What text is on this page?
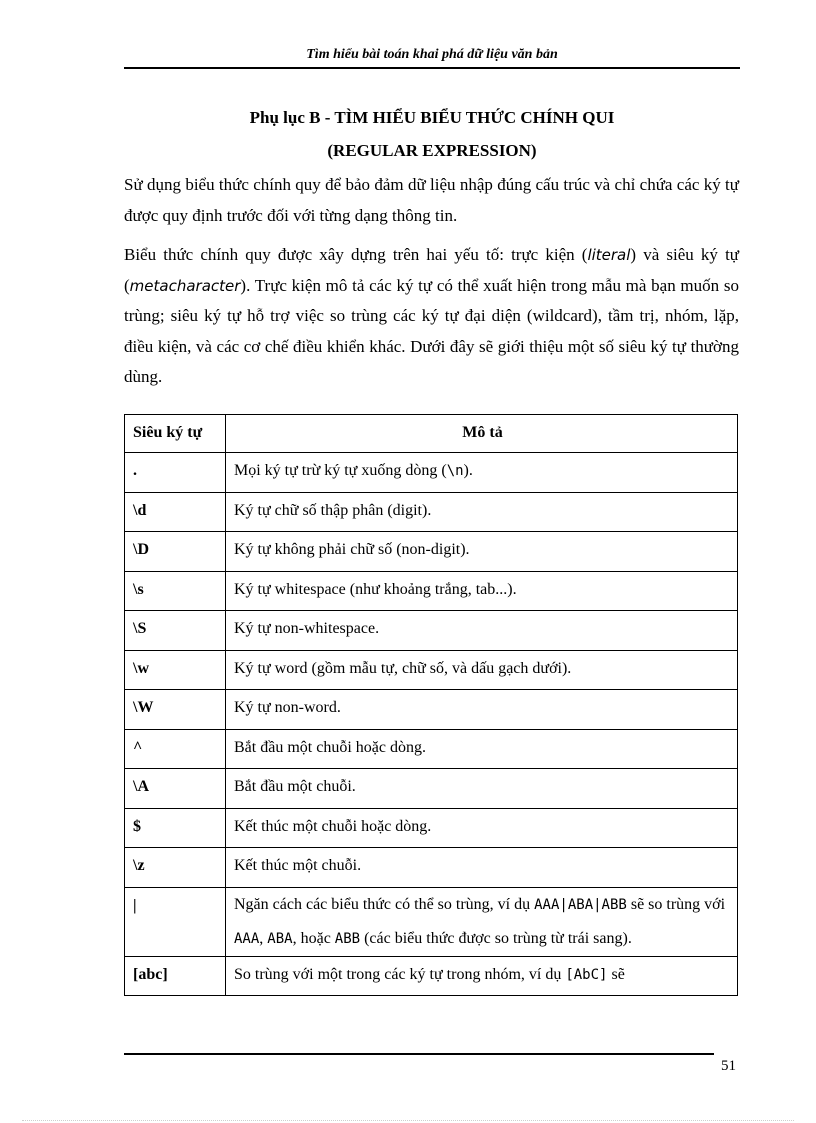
Tìm hiểu bài toán khai phá dữ liệu văn bản
Phụ lục B - TÌM HIỂU BIỂU THỨC CHÍNH QUI
(REGULAR EXPRESSION)

Sử dụng biểu thức chính quy để bảo đảm dữ liệu nhập đúng cấu trúc và chỉ chứa các ký tự được quy định trước đối với từng dạng thông tin.

Biểu thức chính quy được xây dựng trên hai yếu tố: trực kiện (literal) và siêu ký tự (metacharacter). Trực kiện mô tả các ký tự có thể xuất hiện trong mẫu mà bạn muốn so trùng; siêu ký tự hỗ trợ việc so trùng các ký tự đại diện (wildcard), tầm trị, nhóm, lặp, điều kiện, và các cơ chế điều khiển khác. Dưới đây sẽ giới thiệu một số siêu ký tự thường dùng.

Siêu ký tự	Mô tả
.	Mọi ký tự trừ ký tự xuống dòng (\n).
\d	Ký tự chữ số thập phân (digit).
\D	Ký tự không phải chữ số (non-digit).
\s	Ký tự whitespace (như khoảng trắng, tab...).
\S	Ký tự non-whitespace.
\w	Ký tự word (gồm mẫu tự, chữ số, và dấu gạch dưới).
\W	Ký tự non-word.
^	Bắt đầu một chuỗi hoặc dòng.
\A	Bắt đầu một chuỗi.
$	Kết thúc một chuỗi hoặc dòng.
\z	Kết thúc một chuỗi.
|	Ngăn cách các biểu thức có thể so trùng, ví dụ AAA|ABA|ABB sẽ so trùng với AAA, ABA, hoặc ABB (các biểu thức được so trùng từ trái sang).
[abc]	So trùng với một trong các ký tự trong nhóm, ví dụ [AbC] sẽ
51
